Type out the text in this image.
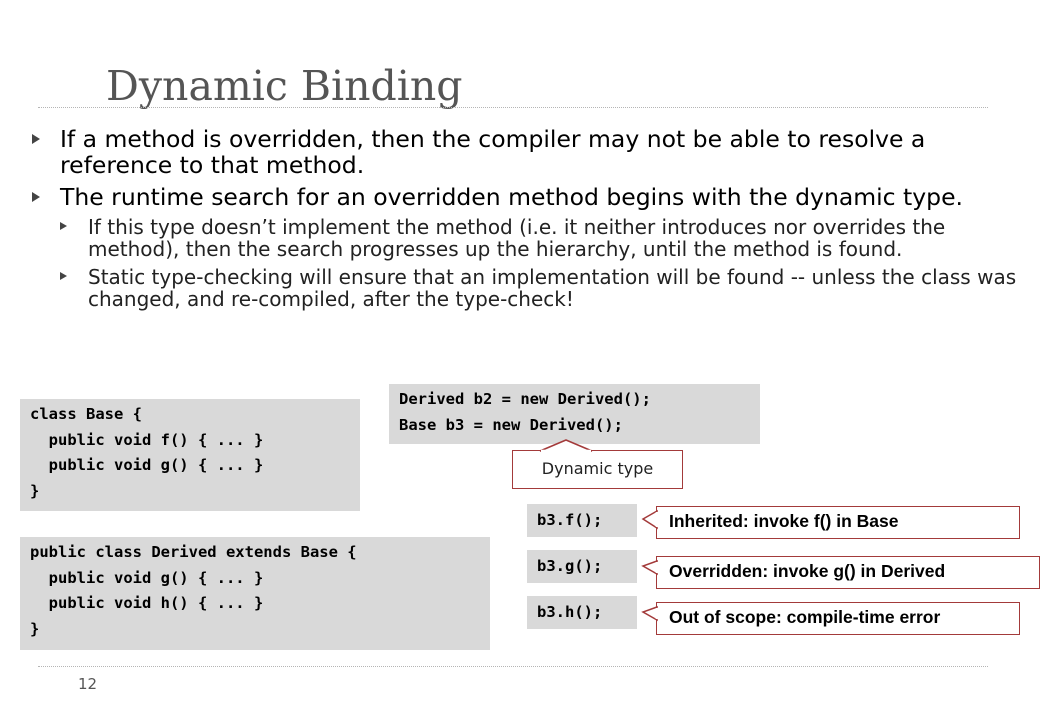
Dynamic Binding
If a method is overridden, then the compiler may not be able to resolve a reference to that method.
The runtime search for an overridden method begins with the dynamic type.
If this type doesn’t implement the method (i.e. it neither introduces nor overrides the method), then the search progresses up the hierarchy, until the method is found.
Static type-checking will ensure that an implementation will be found -- unless the class was changed, and re-compiled, after the type-check!
Derived b2 = new Derived();
Base b3 = new Derived();
class Base {
public void f() { ... }
public void g() { ... }
}
public class Derived extends Base {
public void g() { ... }
public void h() { ... }
}
b3.f();
b3.g();
b3.h();
Dynamic type
Inherited: invoke f() in Base
Overridden: invoke g() in Derived
Out of scope: compile-time error
12
